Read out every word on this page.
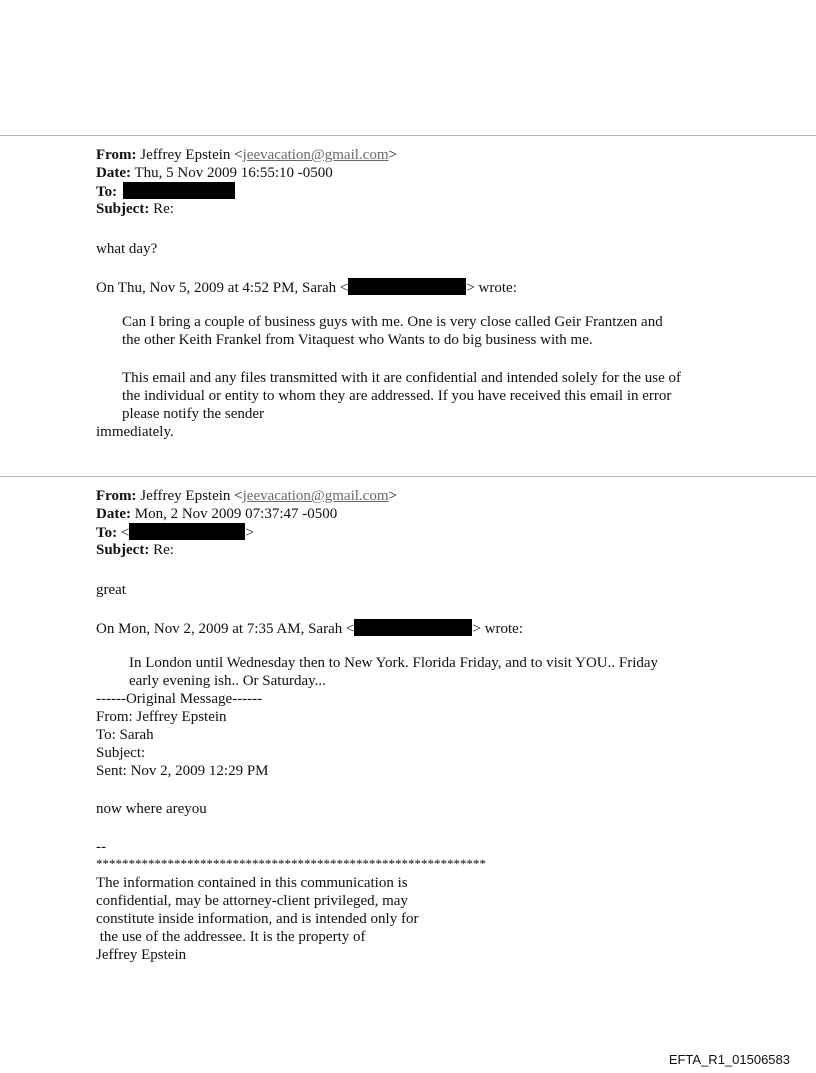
From: Jeffrey Epstein <jeevacation@gmail.com>
Date: Thu, 5 Nov 2009 16:55:10 -0500
To:
Subject: Re:
what day?
On Thu, Nov 5, 2009 at 4:52 PM, Sarah <	> wrote:
Can I bring a couple of business guys with me. One is very close called Geir Frantzen and
the other Keith Frankel from Vitaquest who Wants to do big business with me.
This email and any files transmitted with it are confidential and intended solely for the use of
the individual or entity to whom they are addressed. If you have received this email in error
please notify the sender
immediately.
From: Jeffrey Epstein <jeevacation@gmail.com>
Date: Mon, 2 Nov 2009 07:37:47 -0500
To: <	>
Subject: Re:
great
On Mon, Nov 2, 2009 at 7:35 AM, Sarah <	> wrote:
In London until Wednesday then to New York. Florida Friday, and to visit YOU.. Friday
early evening ish.. Or Saturday...
------Original Message------
From: Jeffrey Epstein
To: Sarah
Subject:
Sent: Nov 2, 2009 12:29 PM
now where areyou
--
************************************************************
The information contained in this communication is
confidential, may be attorney-client privileged, may
constitute inside information, and is intended only for
the use of the addressee. It is the property of
Jeffrey Epstein
EFTA_R1_01506583
